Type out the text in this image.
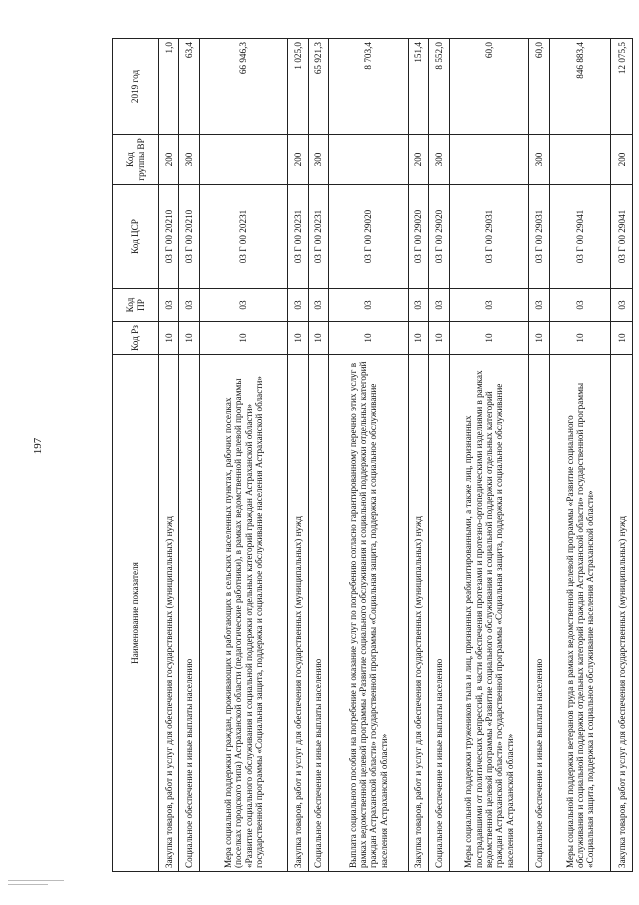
197
Наименование показателя	Код Рз	Код ПР	Код ЦСР	Код группы ВР	2019 год
Закупка товаров, работ и услуг для обеспечения государственных (муниципальных) нужд	10	03	03 Г 00 20210	200	1,0
Социальное обеспечение и иные выплаты населению	10	03	03 Г 00 20210	300	63,4
Мера социальной поддержки граждан, проживающих и работающих в сельских населенных пунктах, рабочих поселках (поселках городского типа) Астраханской области (педагогические работники), в рамках ведомственной целевой программы «Развитие социального обслуживания и социальной поддержки отдельных категорий граждан Астраханской области» государственной программы «Социальная защита, поддержка и социальное обслуживание населения Астраханской области»	10	03	03 Г 00 20231		66 946,3
Закупка товаров, работ и услуг для обеспечения государственных (муниципальных) нужд	10	03	03 Г 00 20231	200	1 025,0
Социальное обеспечение и иные выплаты населению	10	03	03 Г 00 20231	300	65 921,3
Выплата социального пособия на погребение и оказание услуг по погребению согласно гарантированному перечню этих услуг в рамках ведомственной целевой программы «Развитие социального обслуживания и социальной поддержки отдельных категорий граждан Астраханской области» государственной программы «Социальная защита, поддержка и социальное обслуживание населения Астраханской области»	10	03	03 Г 00 29020		8 703,4
Закупка товаров, работ и услуг для обеспечения государственных (муниципальных) нужд	10	03	03 Г 00 29020	200	151,4
Социальное обеспечение и иные выплаты населению	10	03	03 Г 00 29020	300	8 552,0
Меры социальной поддержки тружеников тыла и лиц, признанных реабилитированными, а также лиц, признанных пострадавшими от политических репрессий, в части обеспечения протезами и протезно-ортопедическими изделиями в рамках ведомственной целевой программы «Развитие социального обслуживания и социальной поддержки отдельных категорий граждан Астраханской области» государственной программы «Социальная защита, поддержка и социальное обслуживание населения Астраханской области»	10	03	03 Г 00 29031		60,0
Социальное обеспечение и иные выплаты населению	10	03	03 Г 00 29031	300	60,0
Меры социальной поддержки ветеранов труда в рамках ведомственной целевой программы «Развитие социального обслуживания и социальной поддержки отдельных категорий граждан Астраханской области» государственной программы «Социальная защита, поддержка и социальное обслуживание населения Астраханской области»	10	03	03 Г 00 29041		846 883,4
Закупка товаров, работ и услуг для обеспечения государственных (муниципальных) нужд	10	03	03 Г 00 29041	200	12 075,5
